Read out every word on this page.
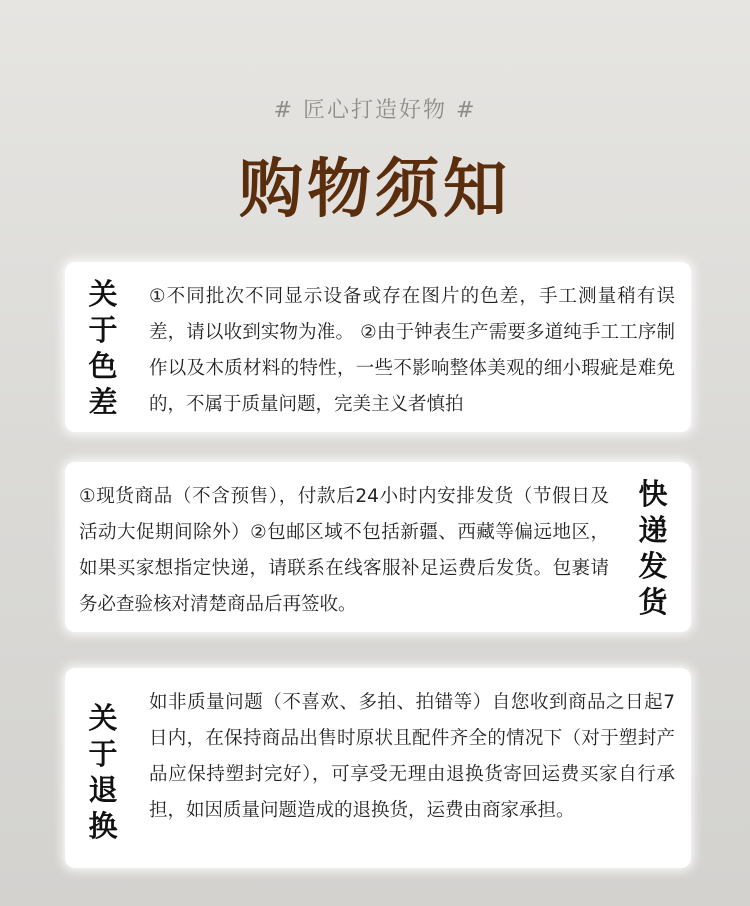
# 匠心打造好物 #
购物须知
关
于
色
差
①不同批次不同显示设备或存在图片的色差，手工测量稍有误差，请以收到实物为准。 ②由于钟表生产需要多道纯手工工序制作以及木质材料的特性，一些不影响整体美观的细小瑕疵是难免的，不属于质量问题，完美主义者慎拍
①现货商品（不含预售），付款后24小时内安排发货（节假日及活动大促期间除外）②包邮区域不包括新疆、西藏等偏远地区，如果买家想指定快递，请联系在线客服补足运费后发货。包裹请务必查验核对清楚商品后再签收。
快
递
发
货
关
于
退
换
如非质量问题（不喜欢、多拍、拍错等）自您收到商品之日起7日内，在保持商品出售时原状且配件齐全的情况下（对于塑封产品应保持塑封完好），可享受无理由退换货寄回运费买家自行承担，如因质量问题造成的退换货，运费由商家承担。
